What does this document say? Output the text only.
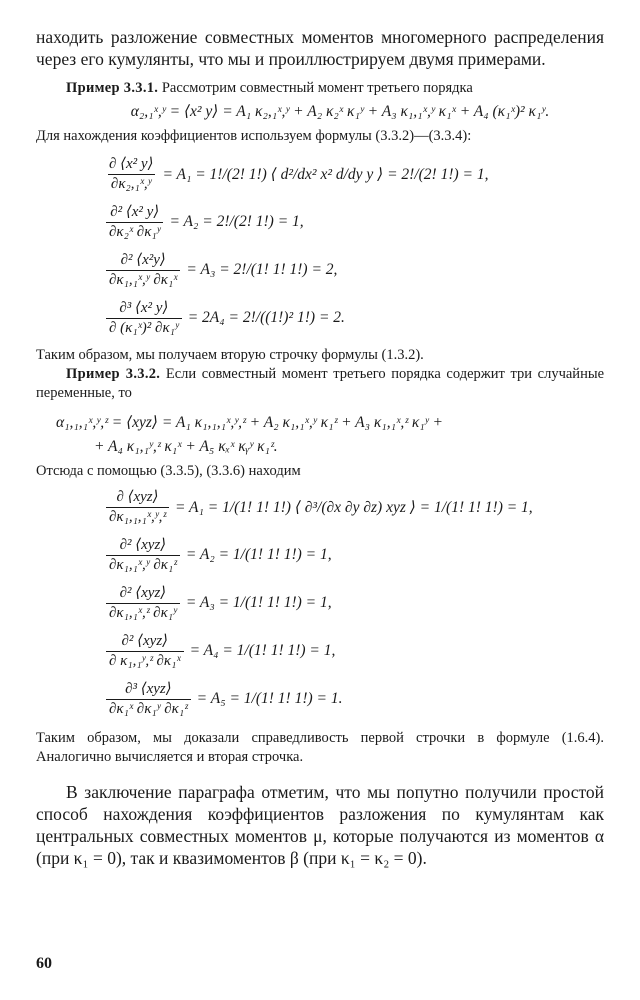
находить разложение совместных моментов многомерного распределения через его кумулянты, что мы и проиллюстрируем двумя примерами.

Пример 3.3.1. Рассмотрим совместный момент третьего порядка

α₂,₁ˣ,ʸ = ⟨x² y⟩ = A₁ κ₂,₁ˣ,ʸ + A₂ κ₂ˣ κ₁ʸ + A₃ κ₁,₁ˣ,ʸ κ₁ˣ + A₄ (κ₁ˣ)² κ₁ʸ.

Для нахождения коэффициентов используем формулы (3.3.2)—(3.3.4):

$\frac{\text{∂ ⟨x² y⟩}}{\text{∂κ₂,₁ˣ,ʸ}} = A_1 = 1!/(2$! 1!) ⟨ d²/dx² x² d/dy y ⟩ = 2!/(2! 1!) = 1,
$\frac{\text{∂² ⟨x² y⟩}}{\text{∂κ₂ˣ ∂κ₁ʸ}} = A_2 = 2!/(2$! 1!) = 1,
$\frac{\text{∂² ⟨x²y⟩}}{\text{∂κ₁,₁ˣ,ʸ ∂κ₁ˣ}} = A_3 = 2!/(1$! 1! 1!) = 2,
$\frac{\text{∂³ ⟨x² y⟩}}{\text{∂ (κ₁ˣ)² ∂κ₁ʸ}} = 2A_4 = 2!/((1!)^2$ 1!) = 2.

Таким образом, мы получаем вторую строчку формулы (1.3.2).

Пример 3.3.2. Если совместный момент третьего порядка содержит три случайные переменные, то

α₁,₁,₁ˣ,ʸ,ᶻ = ⟨xyz⟩ = A₁ κ₁,₁,₁ˣ,ʸ,ᶻ + A₂ κ₁,₁ˣ,ʸ κ₁ᶻ + A₃ κ₁,₁ˣ,ᶻ κ₁ʸ +
+ A₄ κ₁,₁ʸ,ᶻ κ₁ˣ + A₅ κₓˣ κᵧʸ κ₁ᶻ.

Отсюда с помощью (3.3.5), (3.3.6) находим

$\frac{\text{∂ ⟨xyz⟩}}{\text{∂κ₁,₁,₁ˣ,ʸ,ᶻ}} = A_1 = 1/(1$! 1! 1!) ⟨ ∂³/(∂x ∂y ∂z) xyz ⟩ = 1/(1! 1! 1!) = 1,
$\frac{\text{∂² ⟨xyz⟩}}{\text{∂κ₁,₁ˣ,ʸ ∂κ₁ᶻ}} = A_2 = 1/(1$! 1! 1!) = 1,
$\frac{\text{∂² ⟨xyz⟩}}{\text{∂κ₁,₁ˣ,ᶻ ∂κ₁ʸ}} = A_3 = 1/(1$! 1! 1!) = 1,
$\frac{\text{∂² ⟨xyz⟩}}{\text{∂ κ₁,₁ʸ,ᶻ ∂κ₁ˣ}} = A_4 = 1/(1$! 1! 1!) = 1,
$\frac{\text{∂³ ⟨xyz⟩}}{\text{∂κ₁ˣ ∂κ₁ʸ ∂κ₁ᶻ}} = A_5 = 1/(1$! 1! 1!) = 1.

Таким образом, мы доказали справедливость первой строчки в формуле (1.6.4). Аналогично вычисляется и вторая строчка.

В заключение параграфа отметим, что мы попутно получили простой способ нахождения коэффициентов разложения по кумулянтам как центральных совместных моментов μ, которые получаются из моментов α (при κ₁ = 0), так и квазимоментов β (при κ₁ = κ₂ = 0).

60
